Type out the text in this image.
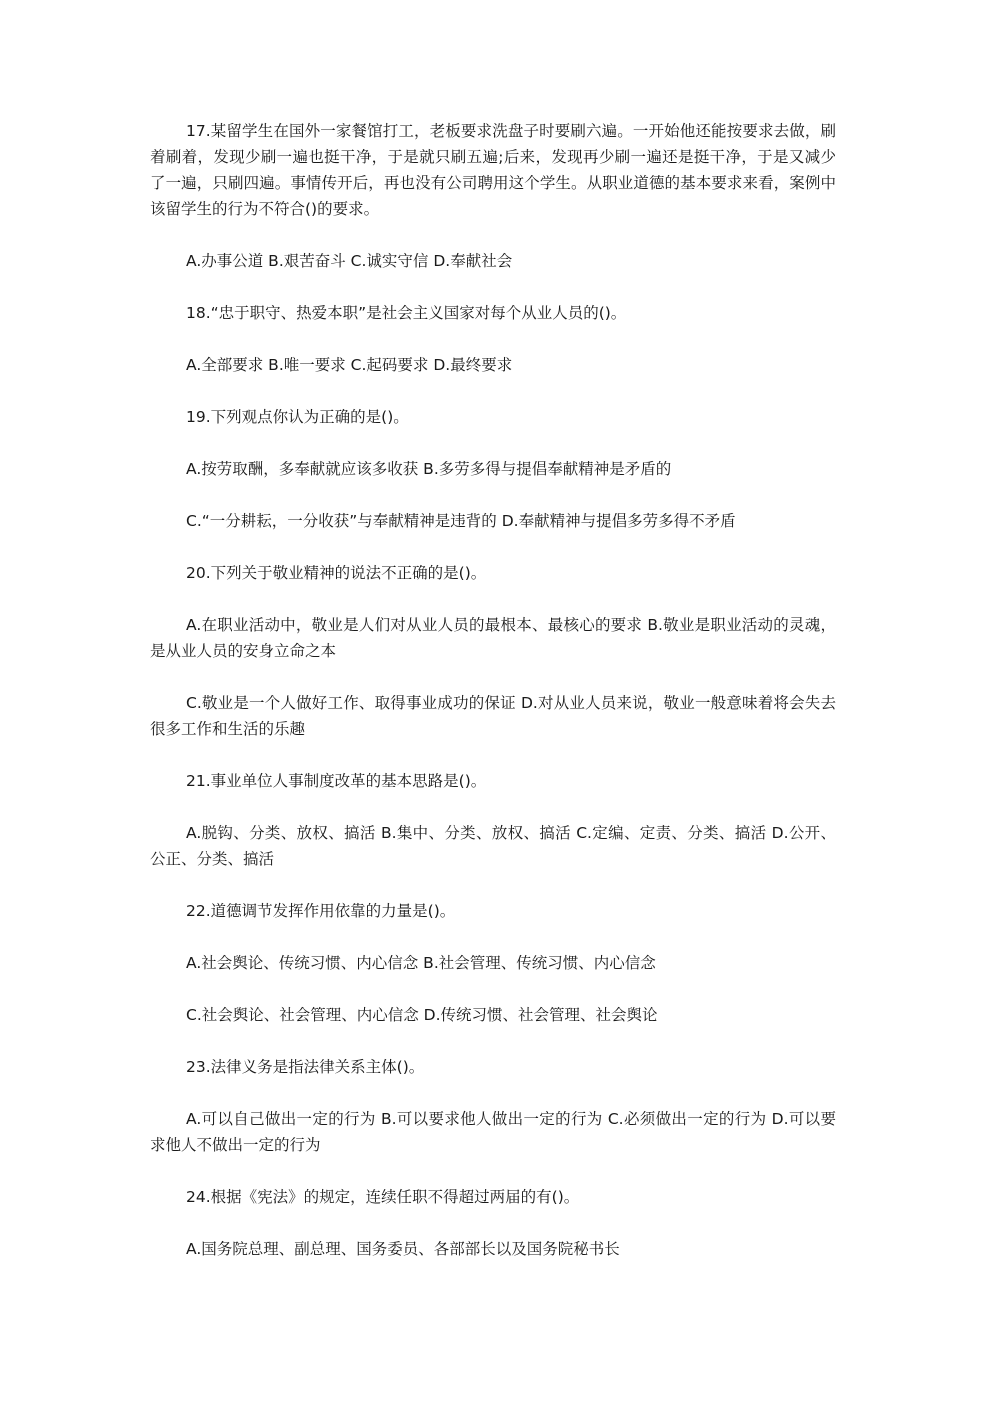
17.某留学生在国外一家餐馆打工，老板要求洗盘子时要刷六遍。一开始他还能按要求去做，刷着刷着，发现少刷一遍也挺干净，于是就只刷五遍;后来，发现再少刷一遍还是挺干净，于是又减少了一遍，只刷四遍。事情传开后，再也没有公司聘用这个学生。从职业道德的基本要求来看，案例中该留学生的行为不符合()的要求。

A.办事公道 B.艰苦奋斗 C.诚实守信 D.奉献社会

18.“忠于职守、热爱本职”是社会主义国家对每个从业人员的()。

A.全部要求 B.唯一要求 C.起码要求 D.最终要求

19.下列观点你认为正确的是()。

A.按劳取酬，多奉献就应该多收获 B.多劳多得与提倡奉献精神是矛盾的

C.“一分耕耘，一分收获”与奉献精神是违背的 D.奉献精神与提倡多劳多得不矛盾

20.下列关于敬业精神的说法不正确的是()。

A.在职业活动中，敬业是人们对从业人员的最根本、最核心的要求 B.敬业是职业活动的灵魂，是从业人员的安身立命之本

C.敬业是一个人做好工作、取得事业成功的保证 D.对从业人员来说，敬业一般意味着将会失去很多工作和生活的乐趣

21.事业单位人事制度改革的基本思路是()。

A.脱钩、分类、放权、搞活 B.集中、分类、放权、搞活 C.定编、定责、分类、搞活 D.公开、公正、分类、搞活

22.道德调节发挥作用依靠的力量是()。

A.社会舆论、传统习惯、内心信念 B.社会管理、传统习惯、内心信念

C.社会舆论、社会管理、内心信念 D.传统习惯、社会管理、社会舆论

23.法律义务是指法律关系主体()。

A.可以自己做出一定的行为 B.可以要求他人做出一定的行为 C.必须做出一定的行为 D.可以要求他人不做出一定的行为

24.根据《宪法》的规定，连续任职不得超过两届的有()。

A.国务院总理、副总理、国务委员、各部部长以及国务院秘书长
